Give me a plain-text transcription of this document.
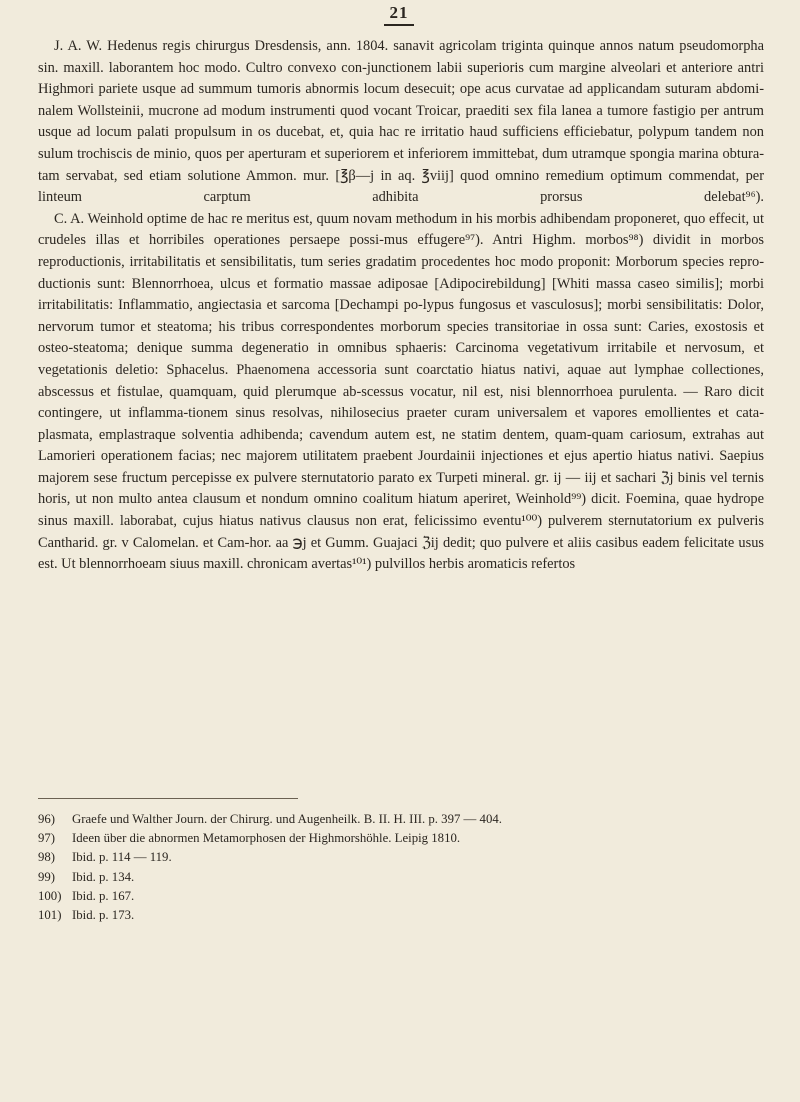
21

J. A. W. Hedenus regis chirurgus Dresdensis, ann. 1804. sanavit agricolam triginta quinque annos natum pseudomorpha sin. maxill. laborantem hoc modo. Cultro convexo con-junctionem labii superioris cum margine alveolari et anteriore antri Highmori pariete usque ad summum tumoris abnormis locum desecuit; ope acus curvatae ad applicandam suturam abdomi-nalem Wollsteinii, mucrone ad modum instrumenti quod vocant Troicar, praediti sex fila lanea a tumore fastigio per antrum usque ad locum palati propulsum in os ducebat, et, quia hac re irritatio haud sufficiens efficiebatur, polypum tandem non sulum trochiscis de minio, quos per aperturam et superiorem et inferiorem immittebat, dum utramque spongia marina obtura-tam servabat, sed etiam solutione Ammon. mur. [℥β—j in aq. ℥viij] quod omnino remedium optimum commendat, per linteum carptum adhibita prorsus delebat⁹⁶).

C. A. Weinhold optime de hac re meritus est, quum novam methodum in his morbis adhibendam proponeret, quo effecit, ut crudeles illas et horribiles operationes persaepe possi-mus effugere⁹⁷). Antri Highm. morbos⁹⁸) dividit in morbos reproductionis, irritabilitatis et sensibilitatis, tum series gradatim procedentes hoc modo proponit: Morborum species repro-ductionis sunt: Blennorrhoea, ulcus et formatio massae adiposae [Adipocirebildung] [Whiti massa caseo similis]; morbi irritabilitatis: Inflammatio, angiectasia et sarcoma [Dechampi po-lypus fungosus et vasculosus]; morbi sensibilitatis: Dolor, nervorum tumor et steatoma; his tribus correspondentes morborum species transitoriae in ossa sunt: Caries, exostosis et osteo-steatoma; denique summa degeneratio in omnibus sphaeris: Carcinoma vegetativum irritabile et nervosum, et vegetationis deletio: Sphacelus. Phaenomena accessoria sunt coarctatio hiatus nativi, aquae aut lymphae collectiones, abscessus et fistulae, quamquam, quid plerumque ab-scessus vocatur, nil est, nisi blennorrhoea purulenta. — Raro dicit contingere, ut inflamma-tionem sinus resolvas, nihilosecius praeter curam universalem et vapores emollientes et cata-plasmata, emplastraque solventia adhibenda; cavendum autem est, ne statim dentem, quam-quam cariosum, extrahas aut Lamorieri operationem facias; nec majorem utilitatem praebent Jourdainii injectiones et ejus apertio hiatus nativi. Saepius majorem sese fructum percepisse ex pulvere sternutatorio parato ex Turpeti mineral. gr. ij — iij et sachari ℨj binis vel ternis horis, ut non multo antea clausum et nondum omnino coalitum hiatum aperiret, Weinhold⁹⁹) dicit. Foemina, quae hydrope sinus maxill. laborabat, cujus hiatus nativus clausus non erat, felicissimo eventu¹⁰⁰) pulverem sternutatorium ex pulveris Cantharid. gr. v Calomelan. et Cam-hor. aa ℈j et Gumm. Guajaci ℨij dedit; quo pulvere et aliis casibus eadem felicitate usus est. Ut blennorrhoeam siuus maxill. chronicam avertas¹⁰¹) pulvillos herbis aromaticis refertos

96)	Graefe und Walther Journ. der Chirurg. und Augenheilk. B. II. H. III. p. 397 — 404.
97)	Ideen über die abnormen Metamorphosen der Highmorshöhle. Leipig 1810.
98)	Ibid. p. 114 — 119.
99)	Ibid. p. 134.
100) Ibid. p. 167.
101) Ibid. p. 173.
